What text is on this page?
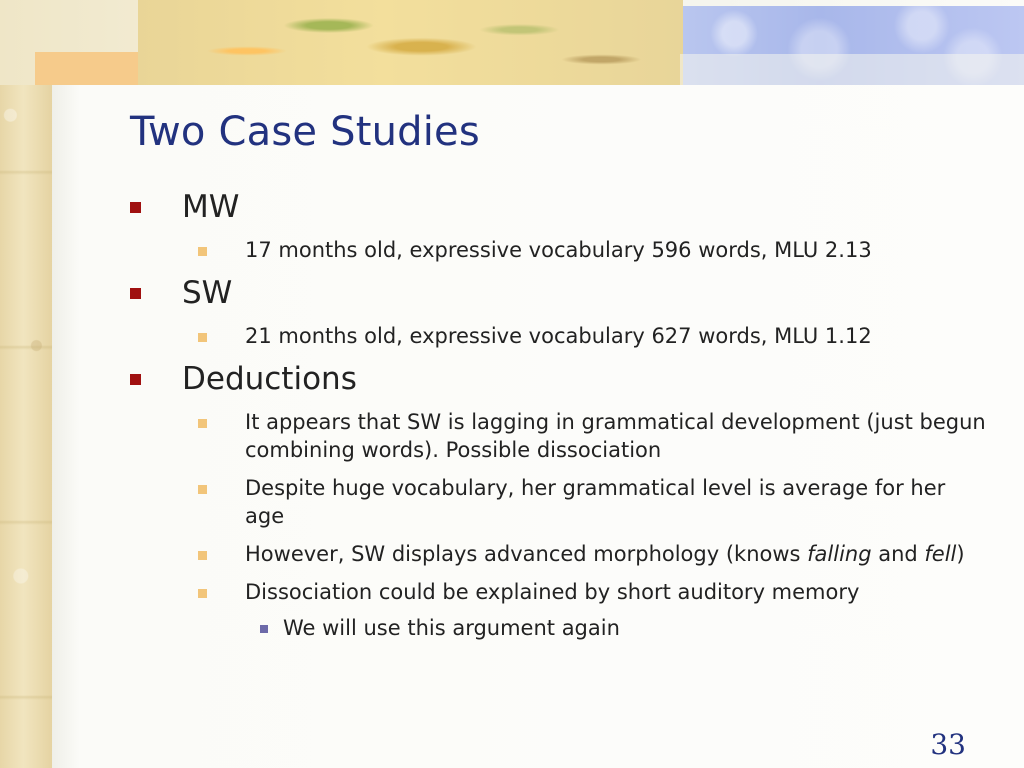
Two Case Studies

MW

17 months old, expressive vocabulary 596 words, MLU 2.13

SW

21 months old, expressive vocabulary 627 words, MLU 1.12

Deductions

It appears that SW is lagging in grammatical development (just begun combining words). Possible dissociation

Despite huge vocabulary, her grammatical level is average for her age

However, SW displays advanced morphology (knows falling and fell)

Dissociation could be explained by short auditory memory

We will use this argument again

33
